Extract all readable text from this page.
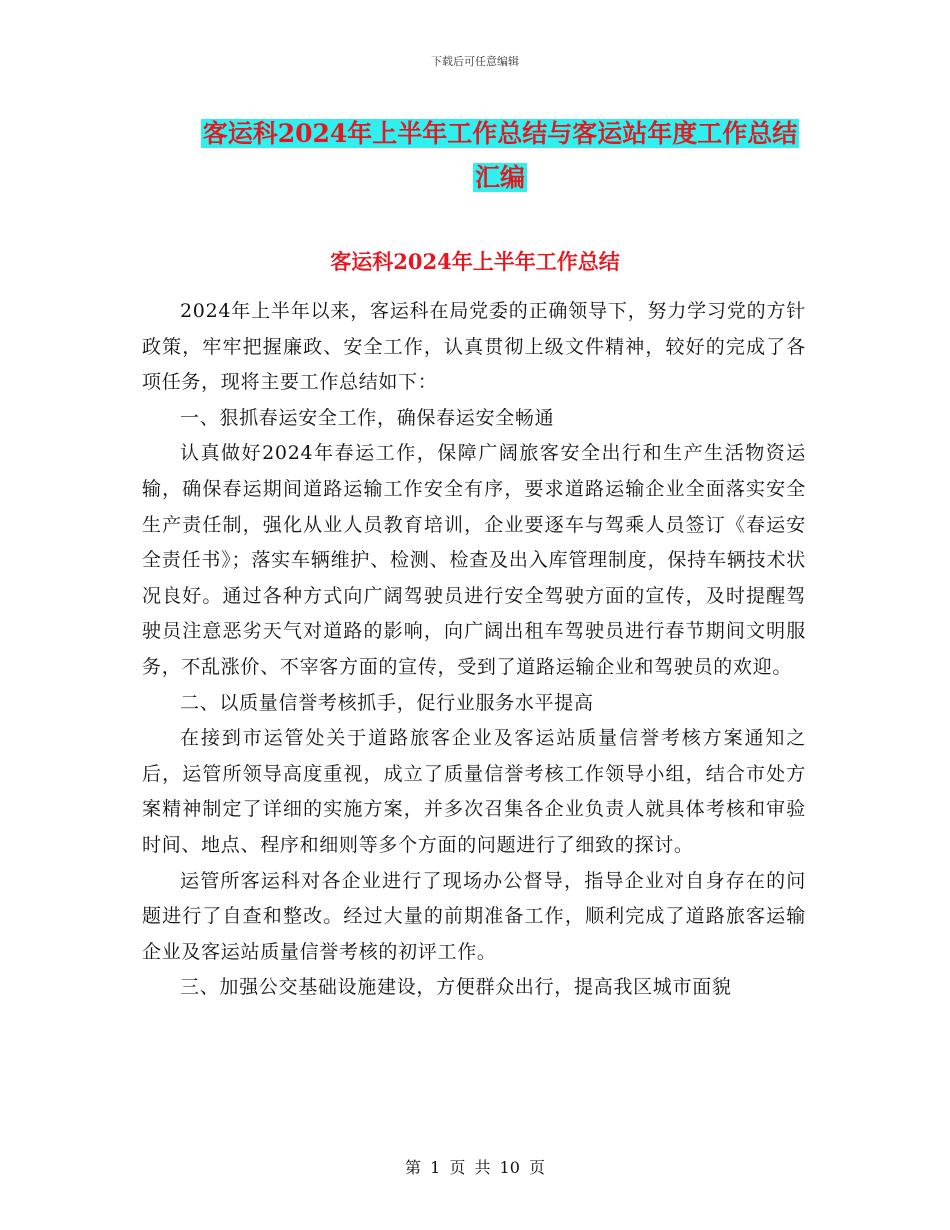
下载后可任意编辑
客运科2024年上半年工作总结与客运站年度工作总结
汇编
客运科2024年上半年工作总结

2024年上半年以来，客运科在局党委的正确领导下，努力学习党的方针政策，牢牢把握廉政、安全工作，认真贯彻上级文件精神，较好的完成了各项任务，现将主要工作总结如下：

一、狠抓春运安全工作，确保春运安全畅通

认真做好2024年春运工作，保障广阔旅客安全出行和生产生活物资运输，确保春运期间道路运输工作安全有序，要求道路运输企业全面落实安全生产责任制，强化从业人员教育培训，企业要逐车与驾乘人员签订《春运安全责任书》；落实车辆维护、检测、检查及出入库管理制度，保持车辆技术状况良好。通过各种方式向广阔驾驶员进行安全驾驶方面的宣传，及时提醒驾驶员注意恶劣天气对道路的影响，向广阔出租车驾驶员进行春节期间文明服务，不乱涨价、不宰客方面的宣传，受到了道路运输企业和驾驶员的欢迎。

二、以质量信誉考核抓手，促行业服务水平提高

在接到市运管处关于道路旅客企业及客运站质量信誉考核方案通知之后，运管所领导高度重视，成立了质量信誉考核工作领导小组，结合市处方案精神制定了详细的实施方案，并多次召集各企业负责人就具体考核和审验时间、地点、程序和细则等多个方面的问题进行了细致的探讨。

运管所客运科对各企业进行了现场办公督导，指导企业对自身存在的问题进行了自查和整改。经过大量的前期准备工作，顺利完成了道路旅客运输企业及客运站质量信誉考核的初评工作。

三、加强公交基础设施建设，方便群众出行，提高我区城市面貌

第 1 页 共 10 页
